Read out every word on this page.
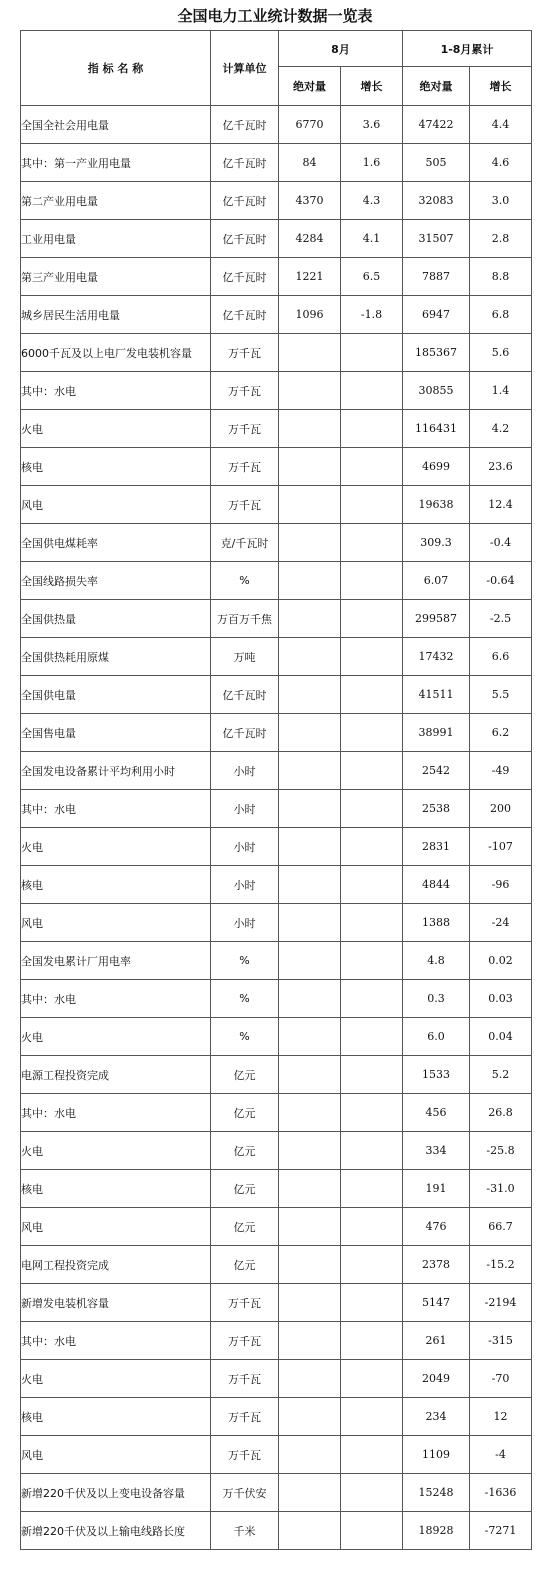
全国电力工业统计数据一览表
指 标 名 称	计算单位	8月		1-8月累计	
		绝对量	增长	绝对量	增长
全国全社会用电量	亿千瓦时	6770	3.6	47422	4.4
其中：第一产业用电量	亿千瓦时	84	1.6	505	4.6
第二产业用电量	亿千瓦时	4370	4.3	32083	3.0
工业用电量	亿千瓦时	4284	4.1	31507	2.8
第三产业用电量	亿千瓦时	1221	6.5	7887	8.8
城乡居民生活用电量	亿千瓦时	1096	-1.8	6947	6.8
6000千瓦及以上电厂发电装机容量	万千瓦			185367	5.6
其中：水电	万千瓦			30855	1.4
火电	万千瓦			116431	4.2
核电	万千瓦			4699	23.6
风电	万千瓦			19638	12.4
全国供电煤耗率	克/千瓦时			309.3	-0.4
全国线路损失率	%			6.07	-0.64
全国供热量	万百万千焦			299587	-2.5
全国供热耗用原煤	万吨			17432	6.6
全国供电量	亿千瓦时			41511	5.5
全国售电量	亿千瓦时			38991	6.2
全国发电设备累计平均利用小时	小时			2542	-49
其中：水电	小时			2538	200
火电	小时			2831	-107
核电	小时			4844	-96
风电	小时			1388	-24
全国发电累计厂用电率	%			4.8	0.02
其中：水电	%			0.3	0.03
火电	%			6.0	0.04
电源工程投资完成	亿元			1533	5.2
其中：水电	亿元			456	26.8
火电	亿元			334	-25.8
核电	亿元			191	-31.0
风电	亿元			476	66.7
电网工程投资完成	亿元			2378	-15.2
新增发电装机容量	万千瓦			5147	-2194
其中：水电	万千瓦			261	-315
火电	万千瓦			2049	-70
核电	万千瓦			234	12
风电	万千瓦			1109	-4
新增220千伏及以上变电设备容量	万千伏安			15248	-1636
新增220千伏及以上输电线路长度	千米			18928	-7271
